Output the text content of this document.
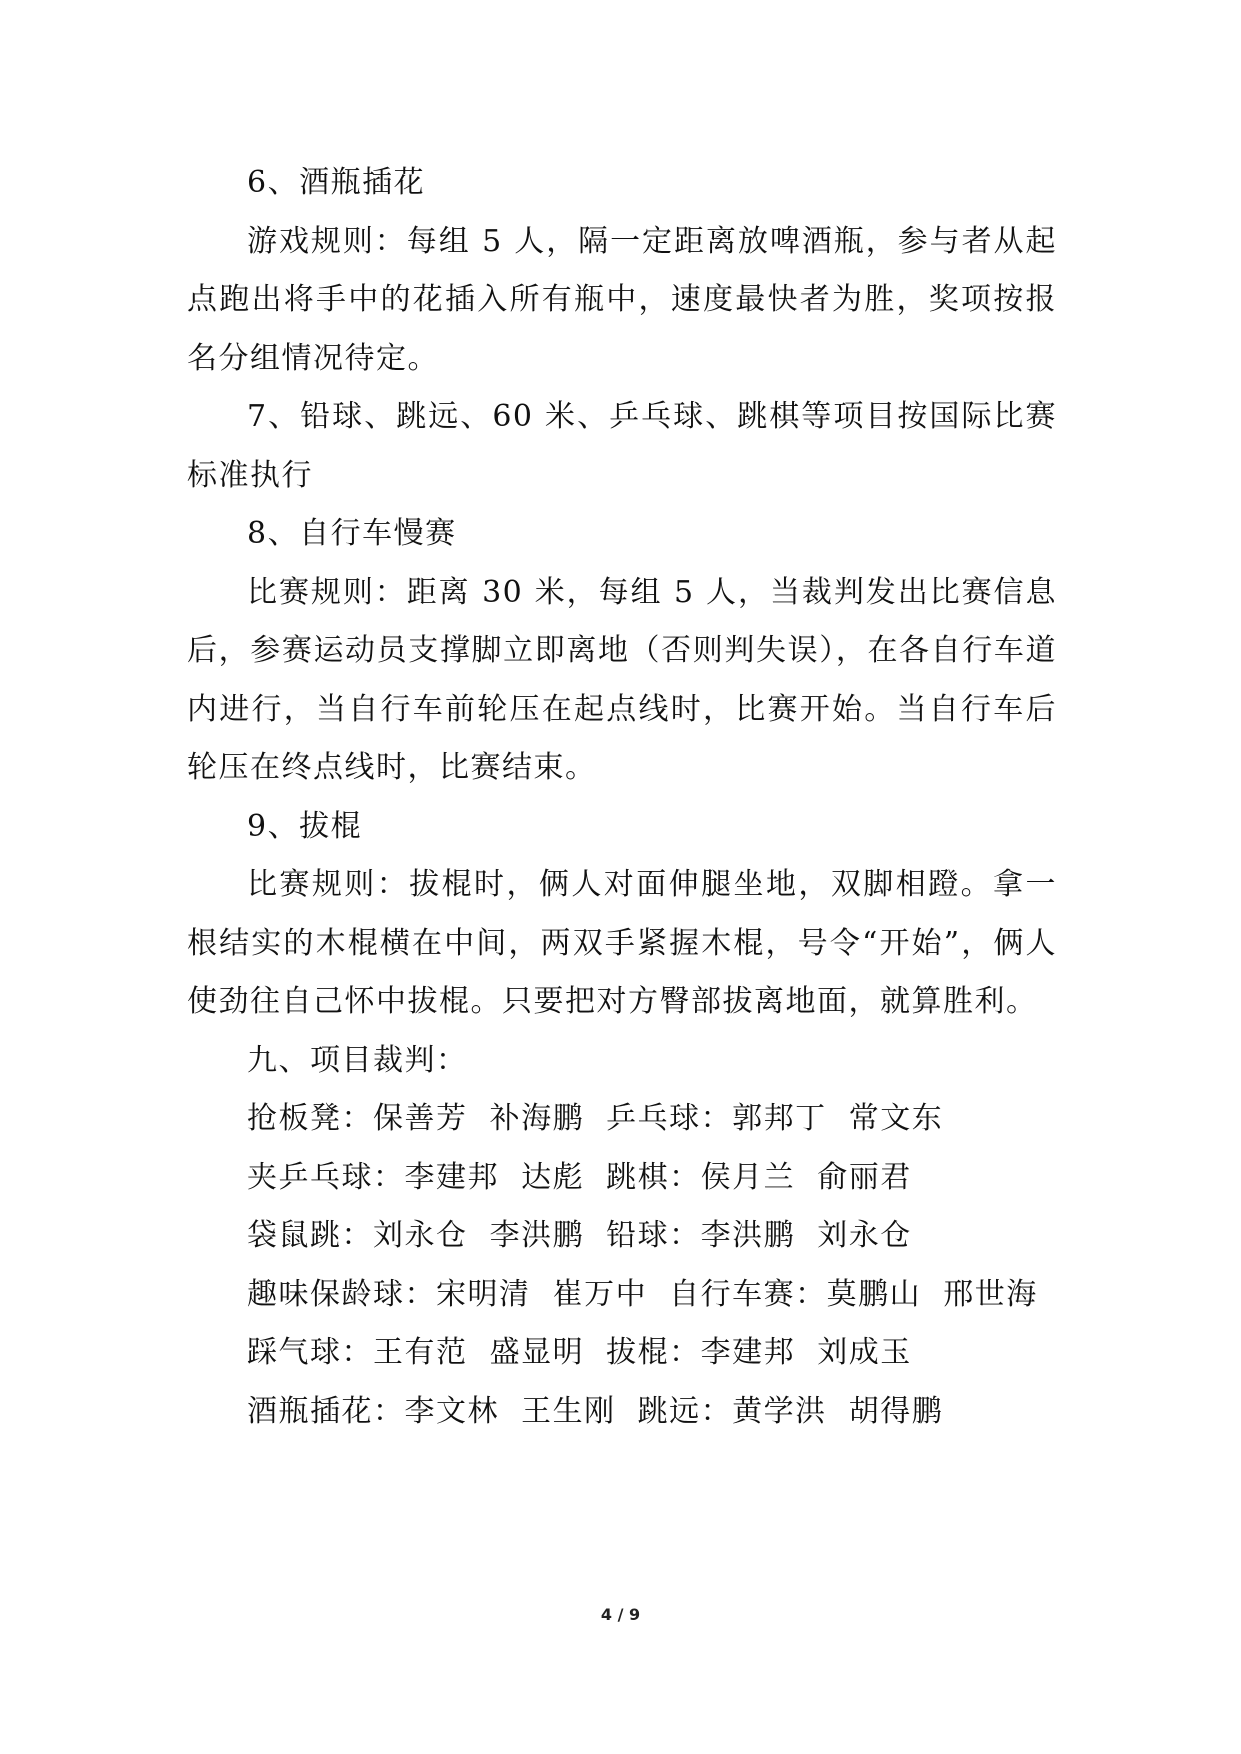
6、酒瓶插花

游戏规则：每组 5 人，隔一定距离放啤酒瓶，参与者从起点跑出将手中的花插入所有瓶中，速度最快者为胜，奖项按报名分组情况待定。

7、铅球、跳远、60 米、乒乓球、跳棋等项目按国际比赛标准执行

8、自行车慢赛

比赛规则：距离 30 米，每组 5 人，当裁判发出比赛信息后，参赛运动员支撑脚立即离地（否则判失误），在各自行车道内进行，当自行车前轮压在起点线时，比赛开始。当自行车后轮压在终点线时，比赛结束。

9、拔棍

比赛规则：拔棍时，俩人对面伸腿坐地，双脚相蹬。拿一根结实的木棍横在中间，两双手紧握木棍，号令“开始”，俩人使劲往自己怀中拔棍。只要把对方臀部拔离地面，就算胜利。

九、项目裁判：

抢板凳：保善芳  补海鹏  乒乓球：郭邦丁  常文东

夹乒乓球：李建邦  达彪  跳棋：侯月兰  俞丽君

袋鼠跳：刘永仓  李洪鹏  铅球：李洪鹏  刘永仓

趣味保龄球：宋明清  崔万中  自行车赛：莫鹏山  邢世海

踩气球：王有范  盛显明  拔棍：李建邦  刘成玉

酒瓶插花：李文林  王生刚  跳远：黄学洪  胡得鹏

4 / 9
